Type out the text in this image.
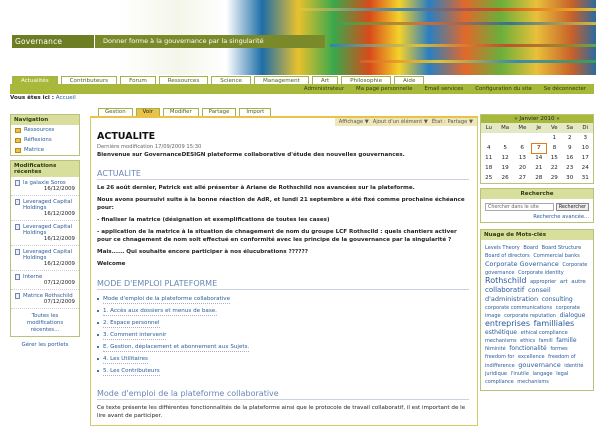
Governance DESIGN
Donner forme à la gouvernance par la singularité
Actualités	Contributeurs	Forum	Ressources	Science	Management	Art	Philosophie	Aide
Administrateur Ma page personnelle Email services Configuration du site Se déconnecter
Vous êtes ici : Accueil
Navigation
Ressources
Réflexions
Matrice
Modifications récentes
la galaxie Soros
16/12/2009
Leveraged Capital Holdings
16/12/2009
Leveraged Capital Holdings
16/12/2009
Leveraged Capital Holdings
16/12/2009
Interne
07/12/2009
Matrice Rothschild
07/12/2009
Toutes les modifications récentes...
Gérer les portlets
Gestion	Voir	Modifier	Partage	Import
Affichage ▼ Ajout d'un élément ▼ État : Partage ▼
ACTUALITE
Dernière modification 17/09/2009 15:30
Bienvenue sur GovernanceDESIGN plateforme collaborative d'étude des nouvelles gouvernances.
ACTUALITE

Le 26 août dernier, Patrick est allé présenter à Ariane de Rothschild nos avancées sur la plateforme.

Nous avons poursuivi suite à la bonne réaction de AdR, et lundi 21 septembre a été fixé comme prochaine échéance pour:

- finaliser la matrice (désignation et exemplifications de toutes les cases)

- application de la matrice à la situation de chnagement de nom du groupe LCF Rothscild : quels chantiers activer pour ce chnagement de nom soit effectué en conformité avec les principe de la gouvernance par la singularité ?

Mais...... Qui souhaite encore participer à nos élucubrations ??????

Welcome

MODE D'EMPLOI PLATEFORME
Mode d'emploi de la plateforme collaborative
1. Accès aux dossiers et menus de base.
2. Espace personnel
3. Comment intervenir
E. Gestion, déplacement et abonnement aux Sujets.
4. Les Utilitaires
5. Les Contributeurs
Mode d'emploi de la plateforme collaborative

Ce texte présente les différentes fonctionnalités de la plateforme ainsi que le protocole de travail collaboratif, il est important de le lire avant de participer.

« Janvier 2010 »
Lu	Ma	Me	Je	Ve	Sa	Di
				1	2	3
4	5	6	7	8	9	10
11	12	13	14	15	16	17
18	19	20	21	22	23	24
25	26	27	28	29	30	31
Recherche
Chercher dans le site	Rechercher
Recherche avancée...
Nuage de Mots-clés
Levels Theory Board Board Structure Board of directors Commercial banks Corporate Governance Corporate governance Corporate identity Rothschild approprier art autre collaboratif conseil d'administration consulting corporate communications corporate image corporate reputation dialogue entreprises familliales esthétique ethical compliance mechanisms ethics famill famille féminité fonctionalité formes freedom for excellence freedom of indifference gouvernance identité juridique l'inutile langage legal compliance mechanisms
